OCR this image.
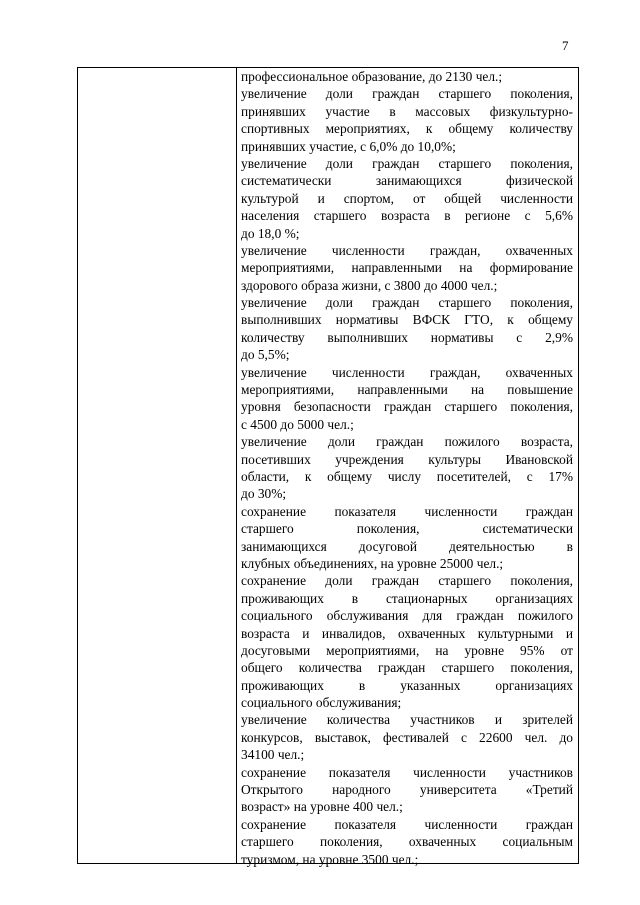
7
профессиональное образование, до 2130 чел.;
увеличение доли граждан старшего поколения,
принявших участие в массовых физкультурно-
спортивных мероприятиях, к общему количеству
принявших участие, с 6,0% до 10,0%;
увеличение доли граждан старшего поколения,
систематически занимающихся физической
культурой и спортом, от общей численности
населения старшего возраста в регионе с 5,6%
до 18,0 %;
увеличение численности граждан, охваченных
мероприятиями, направленными на формирование
здорового образа жизни, с 3800 до 4000 чел.;
увеличение доли граждан старшего поколения,
выполнивших нормативы ВФСК ГТО, к общему
количеству выполнивших нормативы с 2,9%
до 5,5%;
увеличение численности граждан, охваченных
мероприятиями, направленными на повышение
уровня безопасности граждан старшего поколения,
с 4500 до 5000 чел.;
увеличение доли граждан пожилого возраста,
посетивших учреждения культуры Ивановской
области, к общему числу посетителей, с 17%
до 30%;
сохранение показателя численности граждан
старшего поколения, систематически
занимающихся досуговой деятельностью в
клубных объединениях, на уровне 25000 чел.;
сохранение доли граждан старшего поколения,
проживающих в стационарных организациях
социального обслуживания для граждан пожилого
возраста и инвалидов, охваченных культурными и
досуговыми мероприятиями, на уровне 95% от
общего количества граждан старшего поколения,
проживающих в указанных организациях
социального обслуживания;
увеличение количества участников и зрителей
конкурсов, выставок, фестивалей с 22600 чел. до
34100 чел.;
сохранение показателя численности участников
Открытого народного университета «Третий
возраст» на уровне 400 чел.;
сохранение показателя численности граждан
старшего поколения, охваченных социальным
туризмом, на уровне 3500 чел.;
